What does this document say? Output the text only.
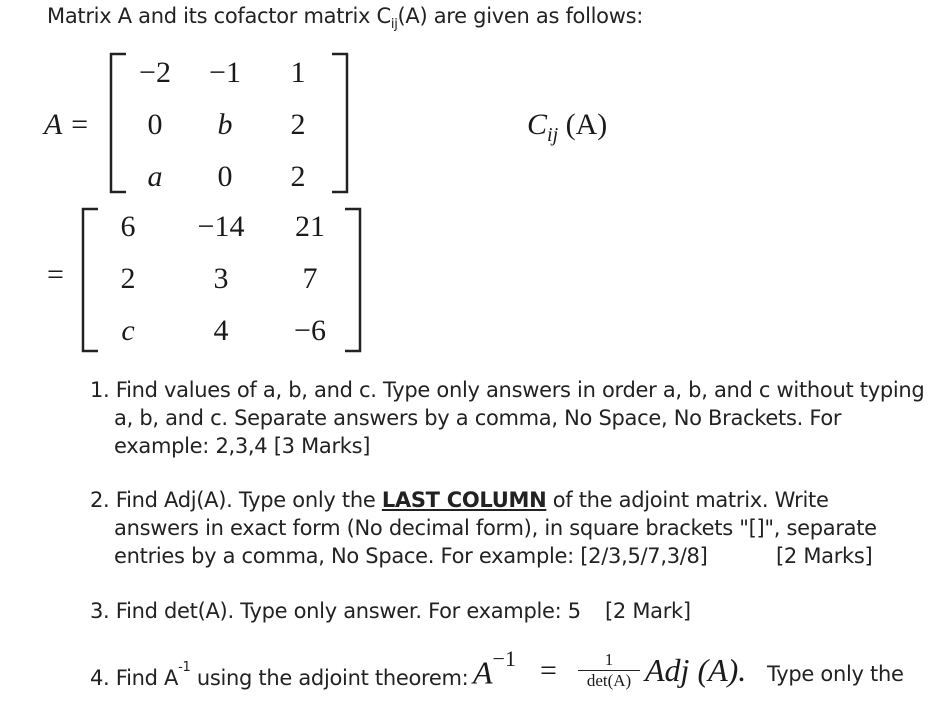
Matrix A and its cofactor matrix $C_{ij}(A)$ are given as follows:
A =
−2	−1	1
0	b	2
a	0	2
$C_{ij}$ (A)
=
6	−14	21
2	3	7
c	4	−6
1. Find values of a, b, and c. Type only answers in order a, b, and c without typing
a, b, and c. Separate answers by a comma, No Space, No Brackets. For
example: 2,3,4 [3 Marks]
2. Find Adj(A). Type only the LAST COLUMN of the adjoint matrix. Write
answers in exact form (No decimal form), in square brackets "[]", separate
entries by a comma, No Space. For example: [2/3,5/7,3/8]	[2 Marks]
3. Find det(A). Type only answer. For example: 5 [2 Mark]
4. Find $A^{-1}$ using the adjoint theorem: $A^{-1}$ =	1
det(A) Adj (A). Type only the
